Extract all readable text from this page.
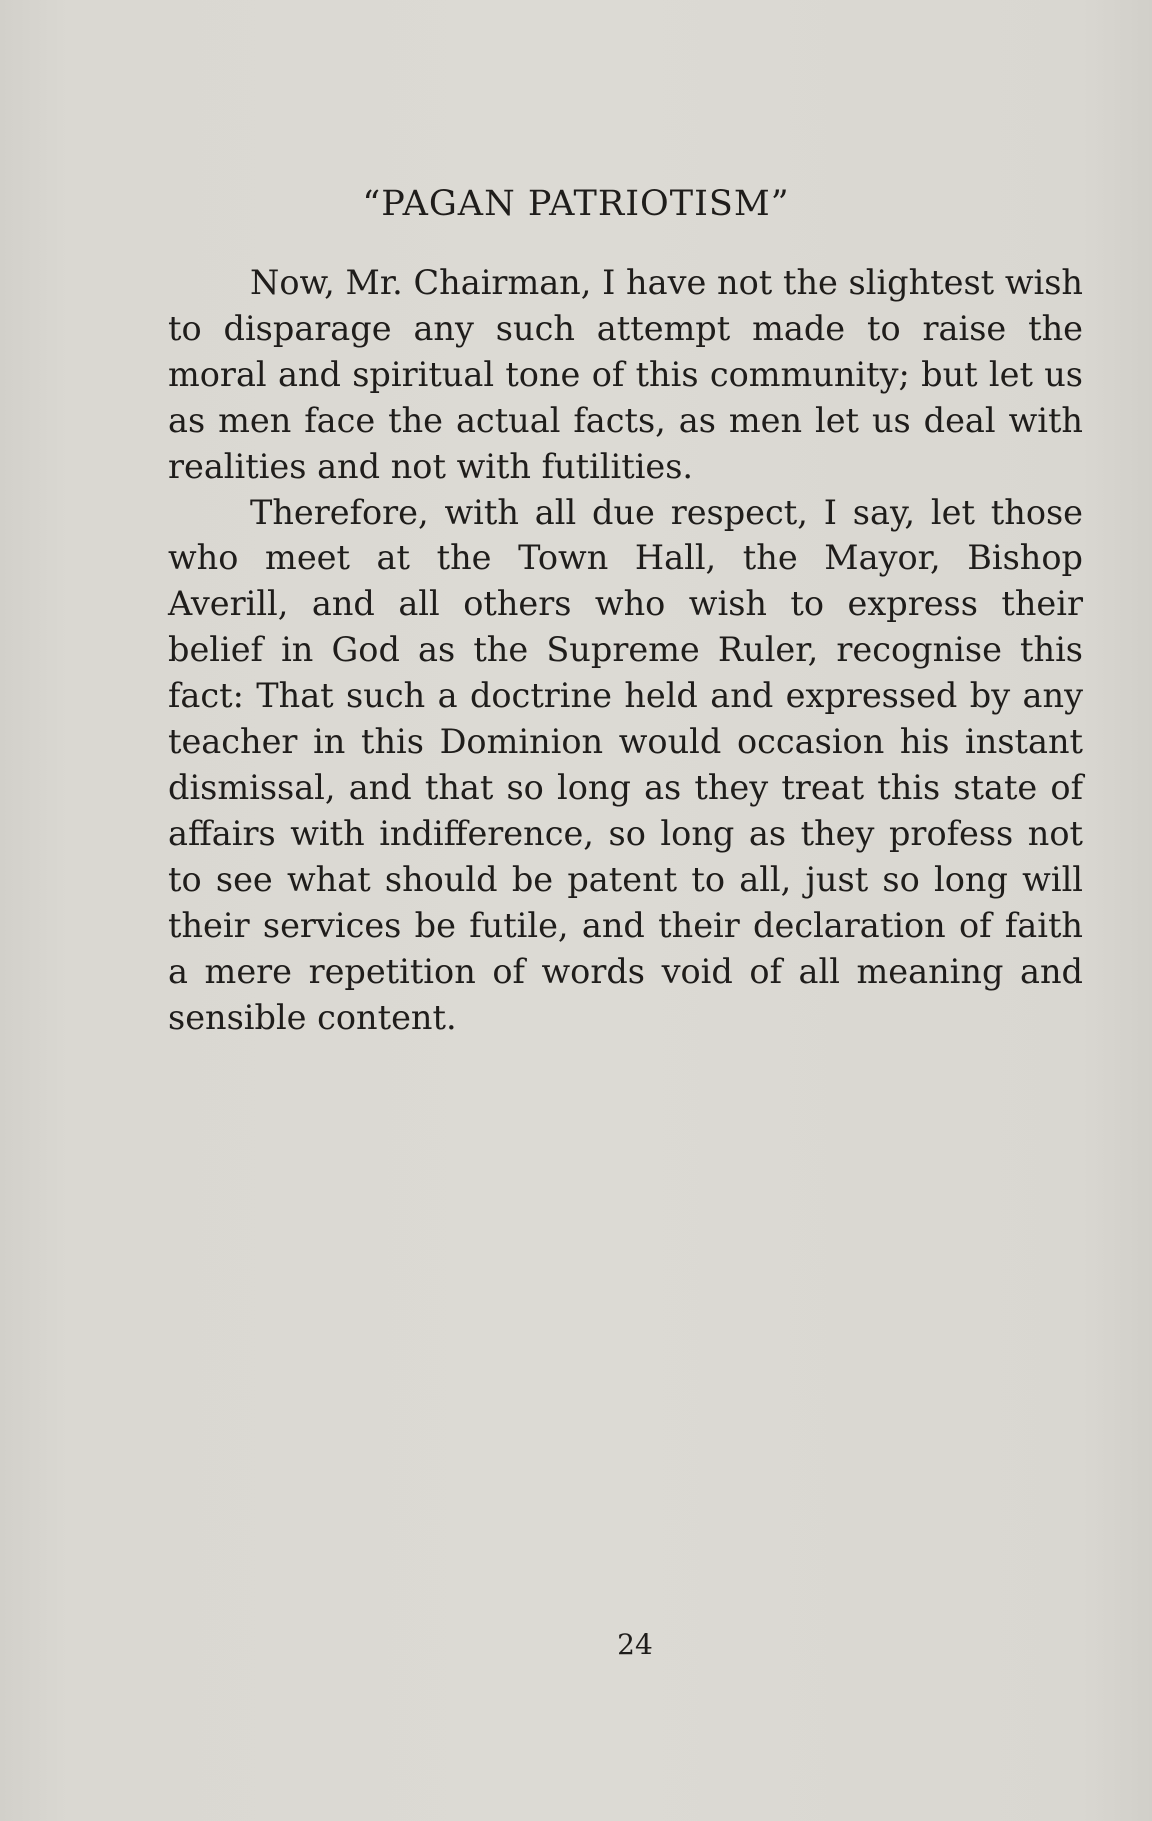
“PAGAN PATRIOTISM”

Now, Mr. Chairman, I have not the slightest wish to disparage any such attempt made to raise the moral and spiritual tone of this community; but let us as men face the actual facts, as men let us deal with realities and not with futilities.

Therefore, with all due respect, I say, let those who meet at the Town Hall, the Mayor, Bishop Averill, and all others who wish to express their belief in God as the Supreme Ruler, recognise this fact: That such a doctrine held and expressed by any teacher in this Dominion would occasion his instant dismissal, and that so long as they treat this state of affairs with indifference, so long as they profess not to see what should be patent to all, just so long will their services be futile, and their declaration of faith a mere repetition of words void of all meaning and sensible content.

24
